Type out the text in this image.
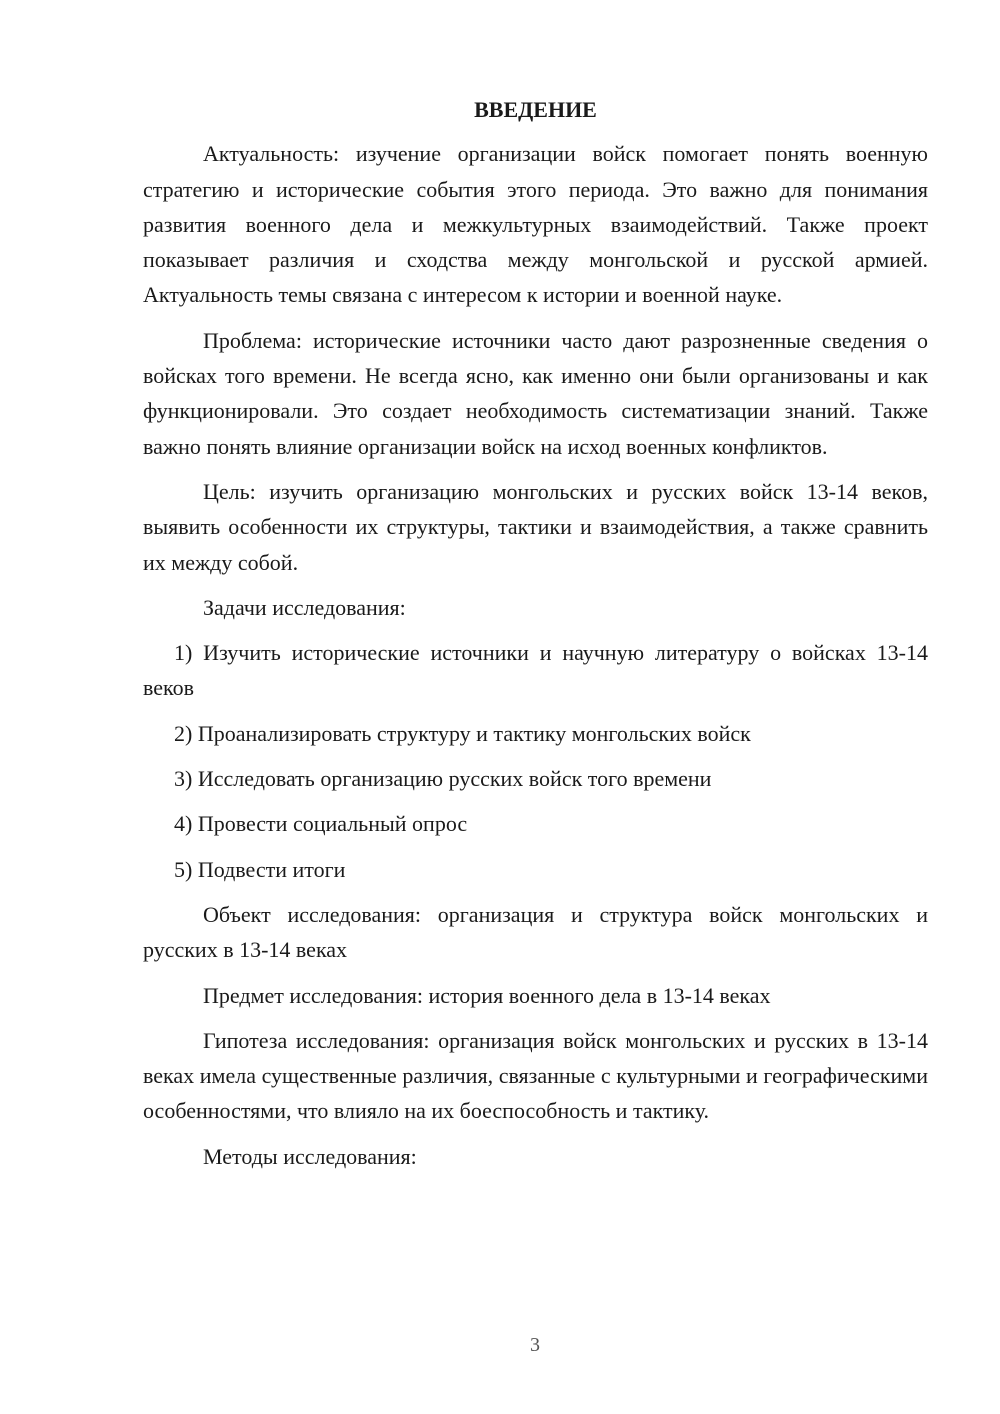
ВВЕДЕНИЕ

Актуальность: изучение организации войск помогает понять военную стратегию и исторические события этого периода. Это важно для понимания развития военного дела и межкультурных взаимодействий. Также проект показывает различия и сходства между монгольской и русской армией. Актуальность темы связана с интересом к истории и военной науке.

Проблема: исторические источники часто дают разрозненные сведения о войсках того времени. Не всегда ясно, как именно они были организованы и как функционировали. Это создает необходимость систематизации знаний. Также важно понять влияние организации войск на исход военных конфликтов.

Цель: изучить организацию монгольских и русских войск 13-14 веков, выявить особенности их структуры, тактики и взаимодействия, а также сравнить их между собой.

Задачи исследования:

1) Изучить исторические источники и научную литературу о войсках 13-14 веков

2) Проанализировать структуру и тактику монгольских войск

3) Исследовать организацию русских войск того времени

4) Провести социальный опрос

5) Подвести итоги

Объект исследования: организация и структура войск монгольских и русских в 13-14 веках

Предмет исследования: история военного дела в 13-14 веках

Гипотеза исследования: организация войск монгольских и русских в 13-14 веках имела существенные различия, связанные с культурными и географическими особенностями, что влияло на их боеспособность и тактику.

Методы исследования:

3
